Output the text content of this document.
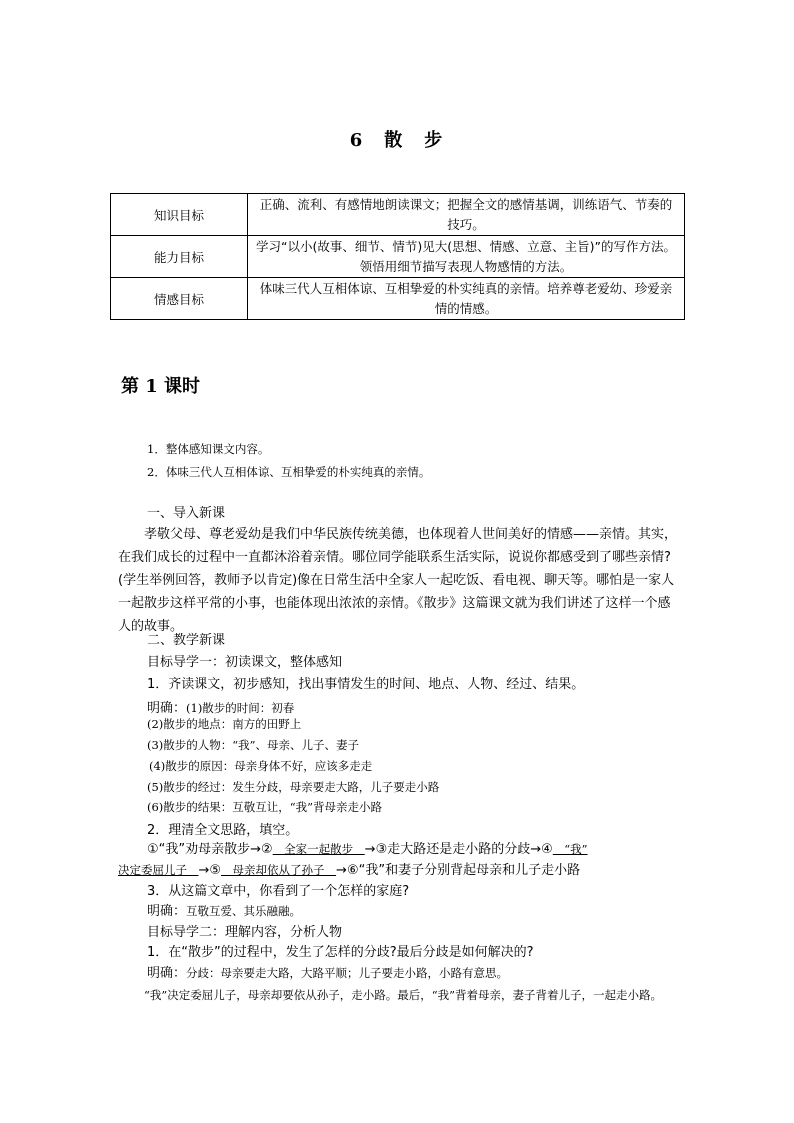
6　散　步
知识目标	正确、流利、有感情地朗读课文；把握全文的感情基调，训练语气、节奏的技巧。
能力目标	学习“以小(故事、细节、情节)见大(思想、情感、立意、主旨)”的写作方法。领悟用细节描写表现人物感情的方法。
情感目标	体味三代人互相体谅、互相挚爱的朴实纯真的亲情。培养尊老爱幼、珍爱亲情的情感。
第 1 课时
1．整体感知课文内容。
2．体味三代人互相体谅、互相挚爱的朴实纯真的亲情。
一、导入新课
孝敬父母、尊老爱幼是我们中华民族传统美德，也体现着人世间美好的情感——亲情。其实，在我们成长的过程中一直都沐浴着亲情。哪位同学能联系生活实际，说说你都感受到了哪些亲情?(学生举例回答，教师予以肯定)像在日常生活中全家人一起吃饭、看电视、聊天等。哪怕是一家人一起散步这样平常的小事，也能体现出浓浓的亲情。《散步》这篇课文就为我们讲述了这样一个感人的故事。
二、教学新课
目标导学一：初读课文，整体感知
1．齐读课文，初步感知，找出事情发生的时间、地点、人物、经过、结果。
明确：(1)散步的时间：初春
(2)散步的地点：南方的田野上
(3)散步的人物：“我”、母亲、儿子、妻子
(4)散步的原因：母亲身体不好，应该多走走
(5)散步的经过：发生分歧，母亲要走大路，儿子要走小路
(6)散步的结果：互敬互让，“我”背母亲走小路
2．理清全文思路，填空。
①“我”劝母亲散步→②　全家一起散步　→③走大路还是走小路的分歧→④　“我”
决定委屈儿子　→⑤　母亲却依从了孙子　→⑥“我”和妻子分别背起母亲和儿子走小路
3．从这篇文章中，你看到了一个怎样的家庭?
明确：互敬互爱、其乐融融。
目标导学二：理解内容，分析人物
1．在“散步”的过程中，发生了怎样的分歧?最后分歧是如何解决的?
明确：分歧：母亲要走大路，大路平顺；儿子要走小路，小路有意思。
“我”决定委屈儿子，母亲却要依从孙子，走小路。最后，“我”背着母亲，妻子背着儿子，一起走小路。
